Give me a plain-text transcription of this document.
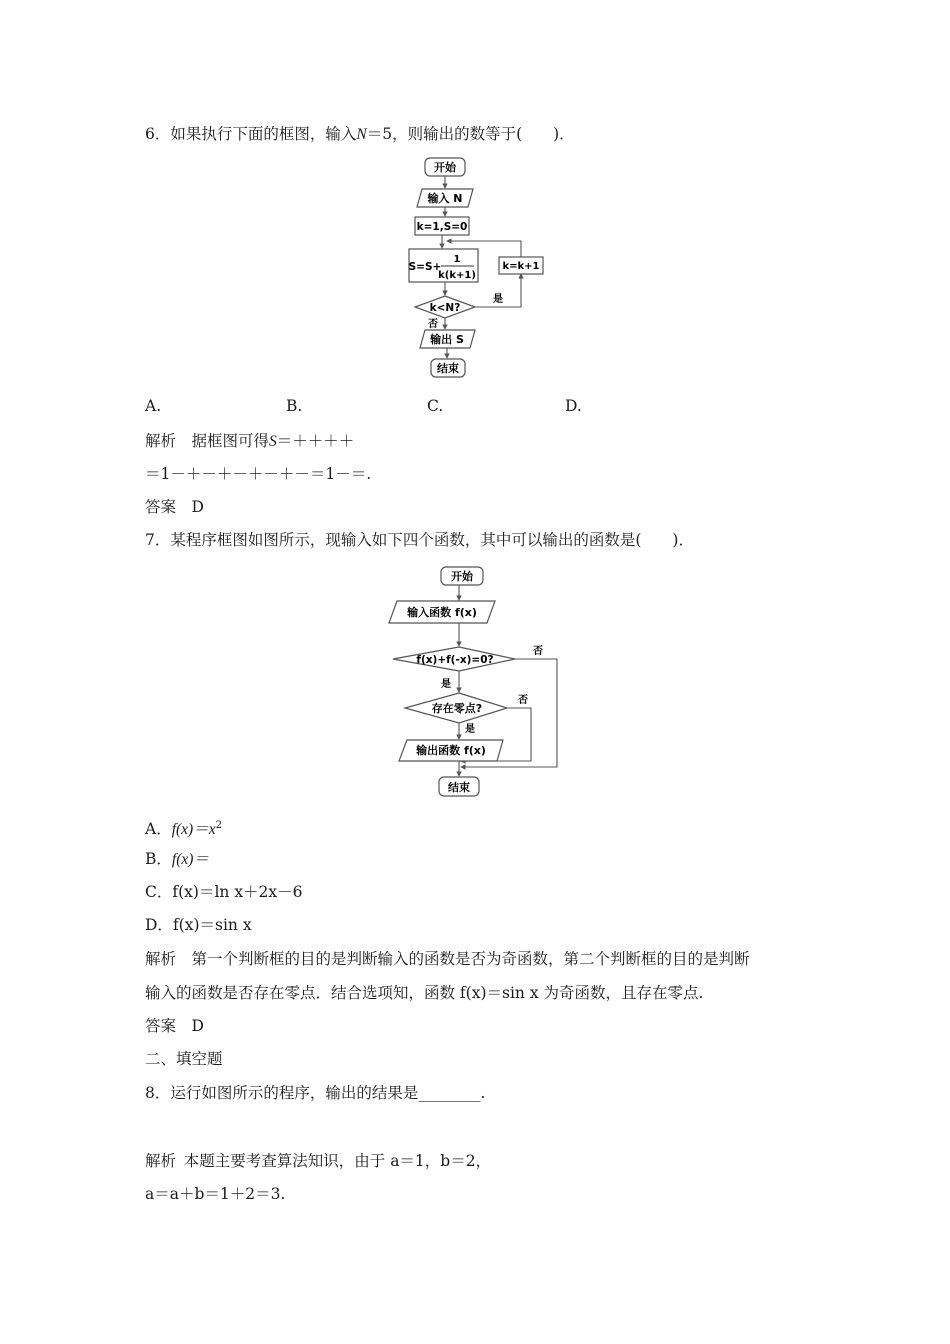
6．如果执行下面的框图，输入N＝5，则输出的数等于(　　)．
开始
输入 N
k=1,S=0
S=S+
1
k(k+1)
k<N?
是
k=k+1
否
输出 S
结束
A.	B.	C.	D.
解析　 据框图可得S＝＋＋＋＋
＝1－＋－＋－＋－＋－＝1－＝.
答案　 D
7．某程序框图如图所示，现输入如下四个函数，其中可以输出的函数是(　　)．
开始
输入函数 f(x)
f(x)+f(-x)=0?
否
是
存在零点?
否
是
输出函数 f(x)
结束
A．$f(x)=x^2$
B．f(x)＝
C．f(x)＝ln x＋2x－6
D．f(x)＝sin x
解析　 第一个判断框的目的是判断输入的函数是否为奇函数，第二个判断框的目的是判断
输入的函数是否存在零点．结合选项知，函数 f(x)＝sin x 为奇函数，且存在零点.
答案　 D
二、填空题
8．运行如图所示的程序，输出的结果是________.
解析  本题主要考查算法知识，由于 a＝1，b＝2，
a＝a＋b＝1＋2＝3.
